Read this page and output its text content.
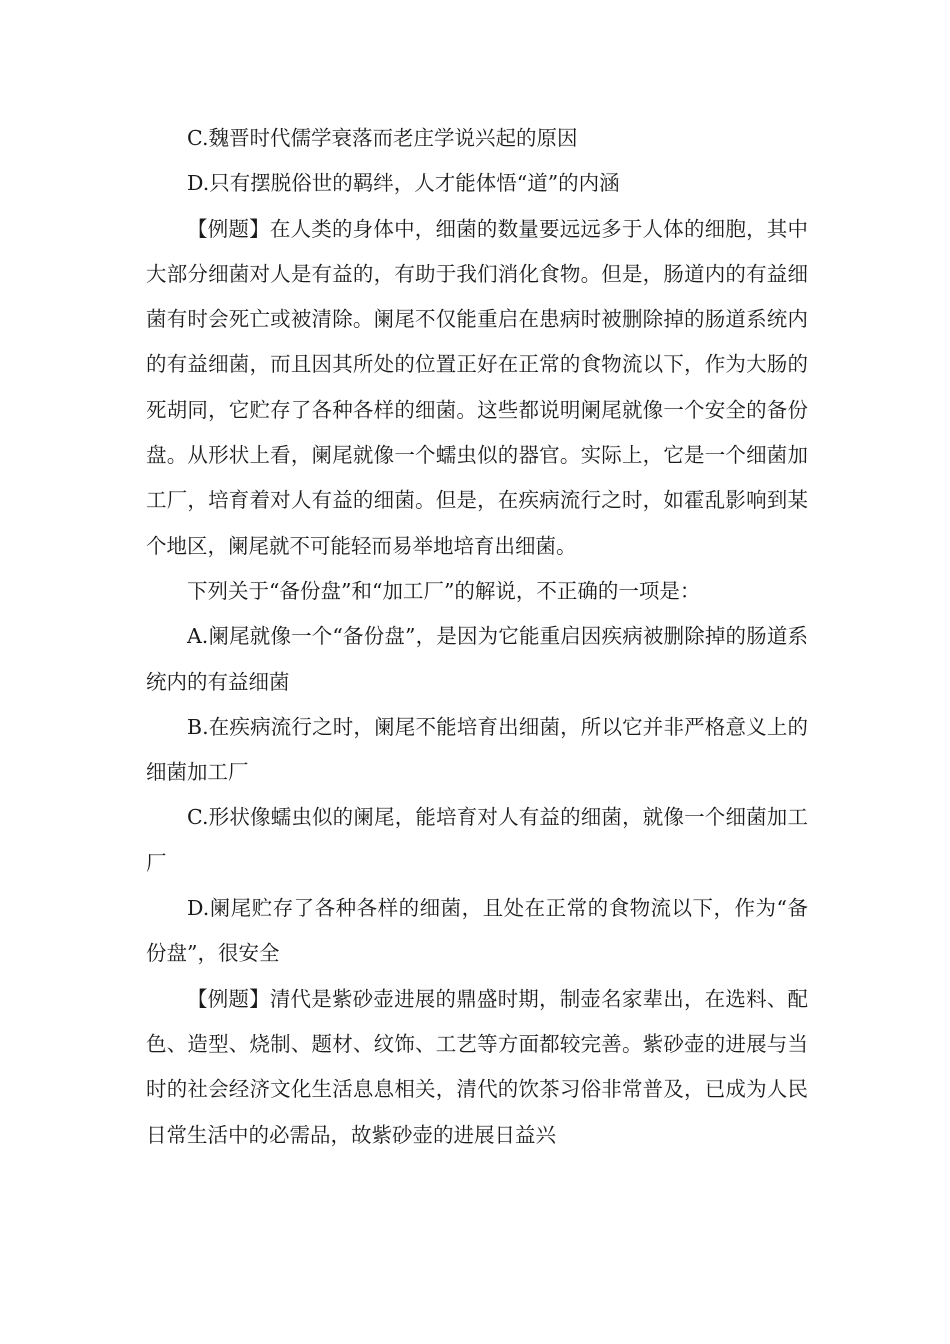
C.魏晋时代儒学衰落而老庄学说兴起的原因

D.只有摆脱俗世的羁绊，人才能体悟“道”的内涵

【例题】在人类的身体中，细菌的数量要远远多于人体的细胞，其中大部分细菌对人是有益的，有助于我们消化食物。但是，肠道内的有益细菌有时会死亡或被清除。阑尾不仅能重启在患病时被删除掉的肠道系统内的有益细菌，而且因其所处的位置正好在正常的食物流以下，作为大肠的死胡同，它贮存了各种各样的细菌。这些都说明阑尾就像一个安全的备份盘。从形状上看，阑尾就像一个蠕虫似的器官。实际上，它是一个细菌加工厂，培育着对人有益的细菌。但是，在疾病流行之时，如霍乱影响到某个地区，阑尾就不可能轻而易举地培育出细菌。

下列关于“备份盘”和“加工厂”的解说，不正确的一项是：

A.阑尾就像一个“备份盘”，是因为它能重启因疾病被删除掉的肠道系统内的有益细菌

B.在疾病流行之时，阑尾不能培育出细菌，所以它并非严格意义上的细菌加工厂

C.形状像蠕虫似的阑尾，能培育对人有益的细菌，就像一个细菌加工厂

D.阑尾贮存了各种各样的细菌，且处在正常的食物流以下，作为“备份盘”，很安全

【例题】清代是紫砂壶进展的鼎盛时期，制壶名家辈出，在选料、配色、造型、烧制、题材、纹饰、工艺等方面都较完善。紫砂壶的进展与当时的社会经济文化生活息息相关，清代的饮茶习俗非常普及，已成为人民日常生活中的必需品，故紫砂壶的进展日益兴
